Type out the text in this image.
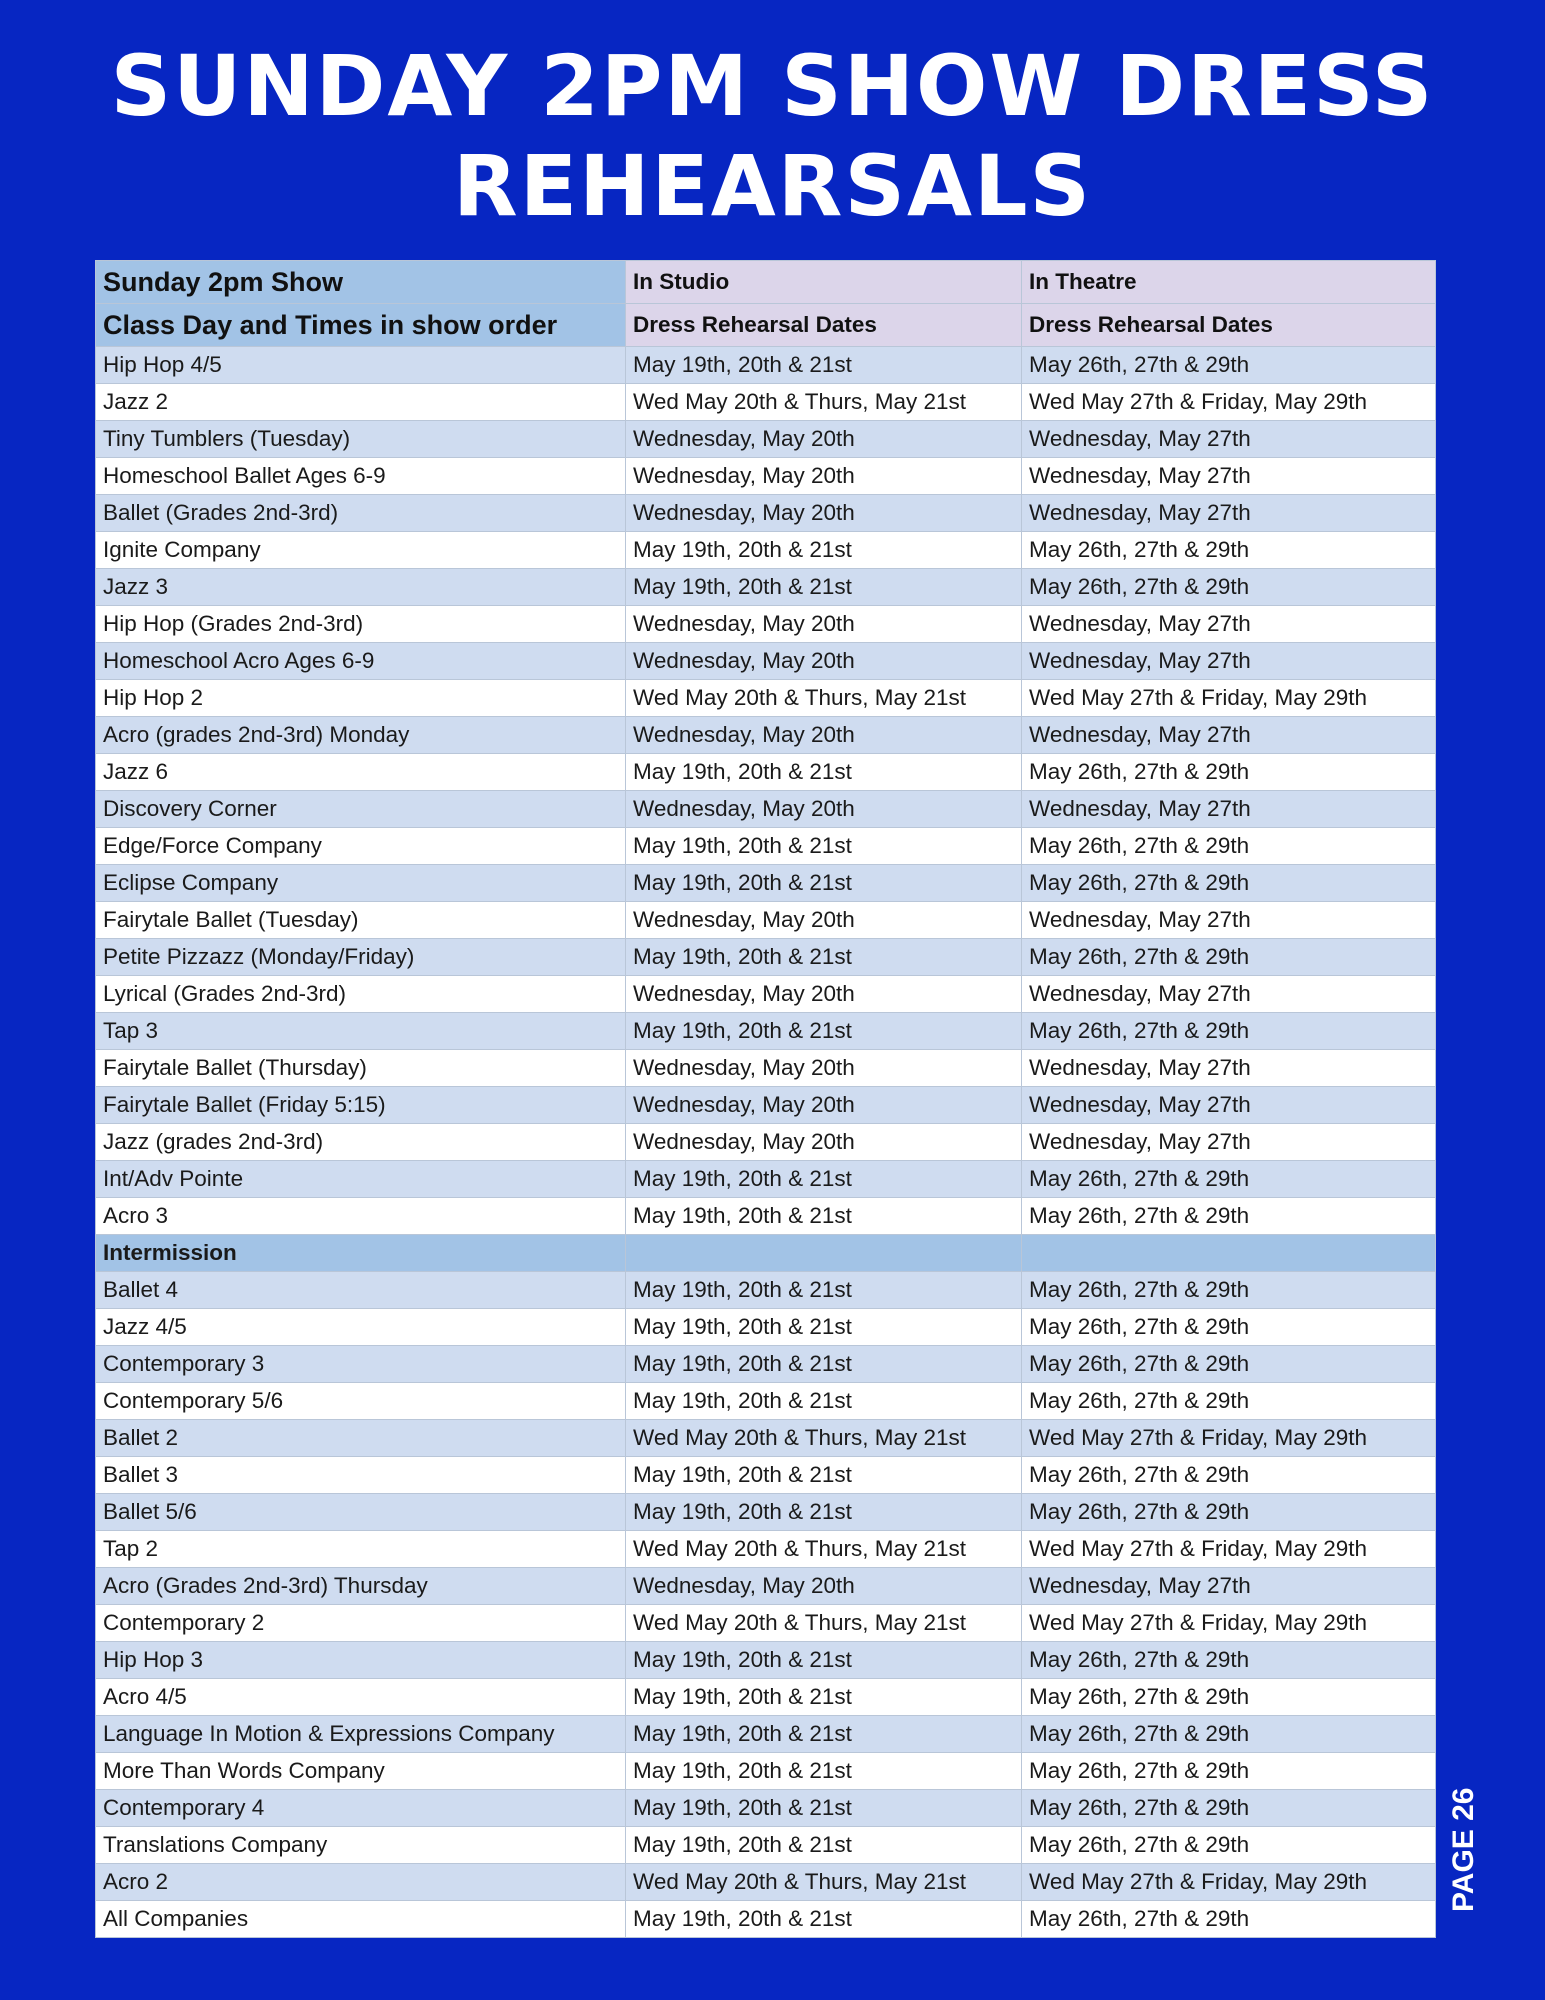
SUNDAY 2PM SHOW DRESS
REHEARSALS
Sunday 2pm Show	In Studio	In Theatre
Class Day and Times in show order	Dress Rehearsal Dates	Dress Rehearsal Dates
Hip Hop 4/5	May 19th, 20th & 21st	May 26th, 27th & 29th
Jazz 2	Wed May 20th & Thurs, May 21st	Wed May 27th & Friday, May 29th
Tiny Tumblers (Tuesday)	Wednesday, May 20th	Wednesday, May 27th
Homeschool Ballet Ages 6-9	Wednesday, May 20th	Wednesday, May 27th
Ballet (Grades 2nd-3rd)	Wednesday, May 20th	Wednesday, May 27th
Ignite Company	May 19th, 20th & 21st	May 26th, 27th & 29th
Jazz 3	May 19th, 20th & 21st	May 26th, 27th & 29th
Hip Hop (Grades 2nd-3rd)	Wednesday, May 20th	Wednesday, May 27th
Homeschool Acro Ages 6-9	Wednesday, May 20th	Wednesday, May 27th
Hip Hop 2	Wed May 20th & Thurs, May 21st	Wed May 27th & Friday, May 29th
Acro (grades 2nd-3rd) Monday	Wednesday, May 20th	Wednesday, May 27th
Jazz 6	May 19th, 20th & 21st	May 26th, 27th & 29th
Discovery Corner	Wednesday, May 20th	Wednesday, May 27th
Edge/Force Company	May 19th, 20th & 21st	May 26th, 27th & 29th
Eclipse Company	May 19th, 20th & 21st	May 26th, 27th & 29th
Fairytale Ballet (Tuesday)	Wednesday, May 20th	Wednesday, May 27th
Petite Pizzazz (Monday/Friday)	May 19th, 20th & 21st	May 26th, 27th & 29th
Lyrical (Grades 2nd-3rd)	Wednesday, May 20th	Wednesday, May 27th
Tap 3	May 19th, 20th & 21st	May 26th, 27th & 29th
Fairytale Ballet (Thursday)	Wednesday, May 20th	Wednesday, May 27th
Fairytale Ballet (Friday 5:15)	Wednesday, May 20th	Wednesday, May 27th
Jazz (grades 2nd-3rd)	Wednesday, May 20th	Wednesday, May 27th
Int/Adv Pointe	May 19th, 20th & 21st	May 26th, 27th & 29th
Acro 3	May 19th, 20th & 21st	May 26th, 27th & 29th
Intermission		
Ballet 4	May 19th, 20th & 21st	May 26th, 27th & 29th
Jazz 4/5	May 19th, 20th & 21st	May 26th, 27th & 29th
Contemporary 3	May 19th, 20th & 21st	May 26th, 27th & 29th
Contemporary 5/6	May 19th, 20th & 21st	May 26th, 27th & 29th
Ballet 2	Wed May 20th & Thurs, May 21st	Wed May 27th & Friday, May 29th
Ballet 3	May 19th, 20th & 21st	May 26th, 27th & 29th
Ballet 5/6	May 19th, 20th & 21st	May 26th, 27th & 29th
Tap 2	Wed May 20th & Thurs, May 21st	Wed May 27th & Friday, May 29th
Acro (Grades 2nd-3rd) Thursday	Wednesday, May 20th	Wednesday, May 27th
Contemporary 2	Wed May 20th & Thurs, May 21st	Wed May 27th & Friday, May 29th
Hip Hop 3	May 19th, 20th & 21st	May 26th, 27th & 29th
Acro 4/5	May 19th, 20th & 21st	May 26th, 27th & 29th
Language In Motion & Expressions Company	May 19th, 20th & 21st	May 26th, 27th & 29th
More Than Words Company	May 19th, 20th & 21st	May 26th, 27th & 29th
Contemporary 4	May 19th, 20th & 21st	May 26th, 27th & 29th
Translations Company	May 19th, 20th & 21st	May 26th, 27th & 29th
Acro 2	Wed May 20th & Thurs, May 21st	Wed May 27th & Friday, May 29th
All Companies	May 19th, 20th & 21st	May 26th, 27th & 29th
PAGE 26
